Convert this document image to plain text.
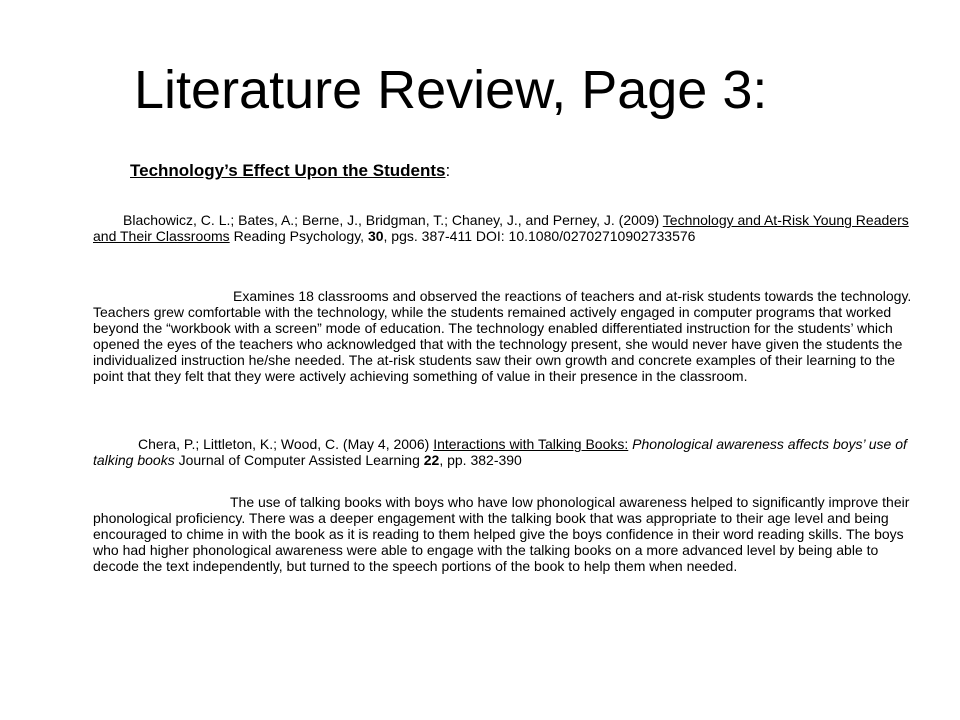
Literature Review, Page 3:
Technology’s Effect Upon the Students:

Blachowicz, C. L.; Bates, A.; Berne, J., Bridgman, T.; Chaney, J., and Perney, J. (2009) Technology and At-Risk Young Readers and Their Classrooms Reading Psychology, 30, pgs. 387-411 DOI: 10.1080/02702710902733576

Examines 18 classrooms and observed the reactions of teachers and at-risk students towards the technology. Teachers grew comfortable with the technology, while the students remained actively engaged in computer programs that worked beyond the “workbook with a screen” mode of education. The technology enabled differentiated instruction for the students’ which opened the eyes of the teachers who acknowledged that with the technology present, she would never have given the students the individualized instruction he/she needed. The at-risk students saw their own growth and concrete examples of their learning to the point that they felt that they were actively achieving something of value in their presence in the classroom.

Chera, P.; Littleton, K.; Wood, C. (May 4, 2006) Interactions with Talking Books: Phonological awareness affects boys’ use of talking books Journal of Computer Assisted Learning 22, pp. 382-390

The use of talking books with boys who have low phonological awareness helped to significantly improve their phonological proficiency. There was a deeper engagement with the talking book that was appropriate to their age level and being encouraged to chime in with the book as it is reading to them helped give the boys confidence in their word reading skills. The boys who had higher phonological awareness were able to engage with the talking books on a more advanced level by being able to decode the text independently, but turned to the speech portions of the book to help them when needed.
